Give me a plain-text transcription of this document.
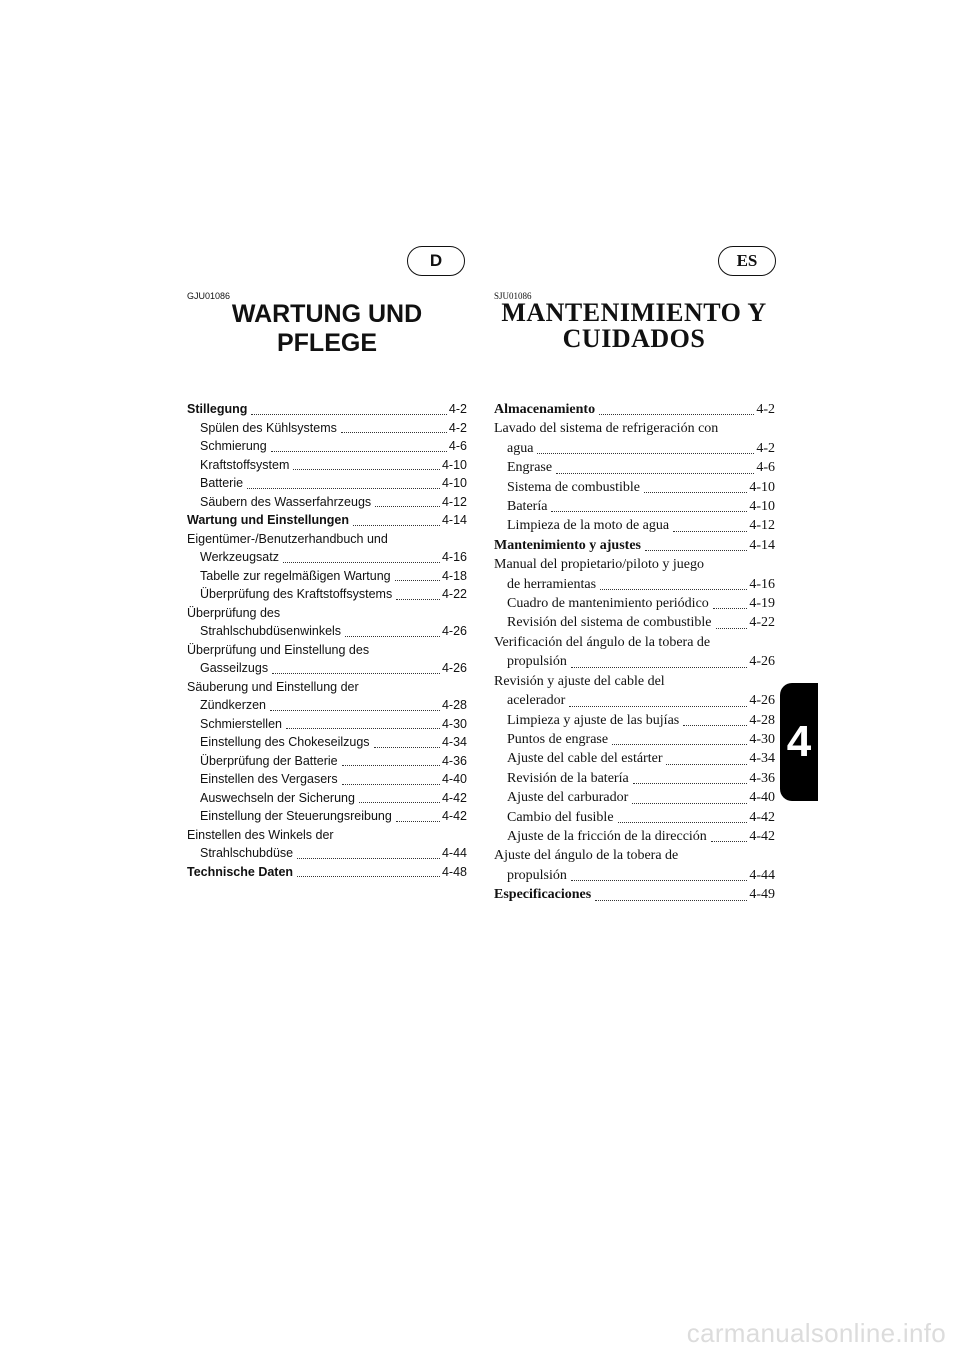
D	ES
GJU01086	SJU01086
WARTUNG UND
PFLEGE
MANTENIMIENTO Y
CUIDADOS
Stillegung	4-2
Spülen des Kühlsystems	4-2
Schmierung	4-6
Kraftstoffsystem	4-10
Batterie	4-10
Säubern des Wasserfahrzeugs	4-12
Wartung und Einstellungen	4-14
Eigentümer-/Benutzerhandbuch und
Werkzeugsatz	4-16
Tabelle zur regelmäßigen Wartung	4-18
Überprüfung des Kraftstoffsystems	4-22
Überprüfung des
Strahlschubdüsenwinkels	4-26
Überprüfung und Einstellung des
Gasseilzugs	4-26
Säuberung und Einstellung der
Zündkerzen	4-28
Schmierstellen	4-30
Einstellung des Chokeseilzugs	4-34
Überprüfung der Batterie	4-36
Einstellen des Vergasers	4-40
Auswechseln der Sicherung	4-42
Einstellung der Steuerungsreibung	4-42
Einstellen des Winkels der
Strahlschubdüse	4-44
Technische Daten	4-48
Almacenamiento	4-2
Lavado del sistema de refrigeración con
agua	4-2
Engrase	4-6
Sistema de combustible	4-10
Batería	4-10
Limpieza de la moto de agua	4-12
Mantenimiento y ajustes	4-14
Manual del propietario/piloto y juego
de herramientas	4-16
Cuadro de mantenimiento periódico	4-19
Revisión del sistema de combustible	4-22
Verificación del ángulo de la tobera de
propulsión	4-26
Revisión y ajuste del cable del
acelerador	4-26
Limpieza y ajuste de las bujías	4-28
Puntos de engrase	4-30
Ajuste del cable del estárter	4-34
Revisión de la batería	4-36
Ajuste del carburador	4-40
Cambio del fusible	4-42
Ajuste de la fricción de la dirección	4-42
Ajuste del ángulo de la tobera de
propulsión	4-44
Especificaciones	4-49
4
carmanualsonline.info
